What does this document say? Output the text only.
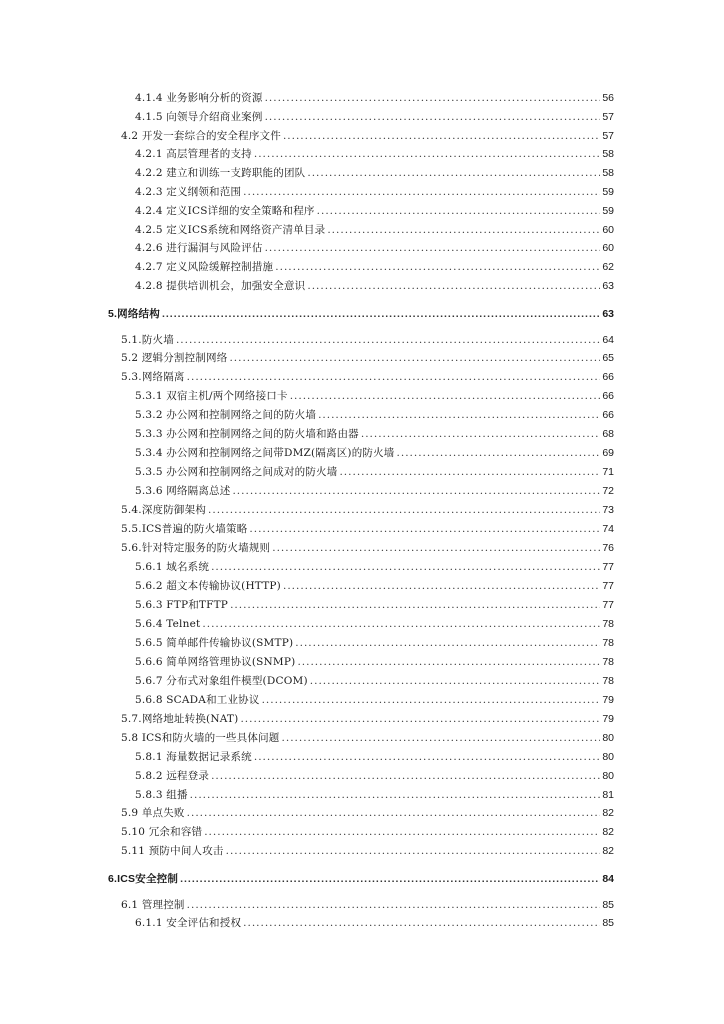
4.1.4 业务影响分析的资源 .....	56
4.1.5 向领导介绍商业案例 .....	57
4.2 开发一套综合的安全程序文件 .....	57
4.2.1 高层管理者的支持 .....	58
4.2.2 建立和训练一支跨职能的团队 .....	58
4.2.3 定义纲领和范围 .....	59
4.2.4 定义ICS详细的安全策略和程序 .....	59
4.2.5 定义ICS系统和网络资产清单目录 .....	60
4.2.6 进行漏洞与风险评估 .....	60
4.2.7 定义风险缓解控制措施 .....	62
4.2.8 提供培训机会，加强安全意识 .....	63
5.网络结构 .....	63
5.1.防火墙 .....	64
5.2 逻辑分割控制网络 .....	65
5.3.网络隔离 .....	66
5.3.1 双宿主机/两个网络接口卡 .....	66
5.3.2 办公网和控制网络之间的防火墙 .....	66
5.3.3 办公网和控制网络之间的防火墙和路由器 .....	68
5.3.4 办公网和控制网络之间带DMZ(隔离区)的防火墙 .....	69
5.3.5 办公网和控制网络之间成对的防火墙 .....	71
5.3.6 网络隔离总述 .....	72
5.4.深度防御架构 .....	73
5.5.ICS普遍的防火墙策略 .....	74
5.6.针对特定服务的防火墙规则 .....	76
5.6.1 域名系统 .....	77
5.6.2 超文本传输协议(HTTP) .....	77
5.6.3 FTP和TFTP .....	77
5.6.4 Telnet .....	78
5.6.5 简单邮件传输协议(SMTP) .....	78
5.6.6 简单网络管理协议(SNMP) .....	78
5.6.7 分布式对象组件模型(DCOM) .....	78
5.6.8 SCADA和工业协议 .....	79
5.7.网络地址转换(NAT) .....	79
5.8 ICS和防火墙的一些具体问题 .....	80
5.8.1 海量数据记录系统 .....	80
5.8.2 远程登录 .....	80
5.8.3 组播 .....	81
5.9 单点失败 .....	82
5.10 冗余和容错 .....	82
5.11 预防中间人攻击 .....	82
6.ICS安全控制 .....	84
6.1 管理控制 .....	85
6.1.1 安全评估和授权 .....	85
